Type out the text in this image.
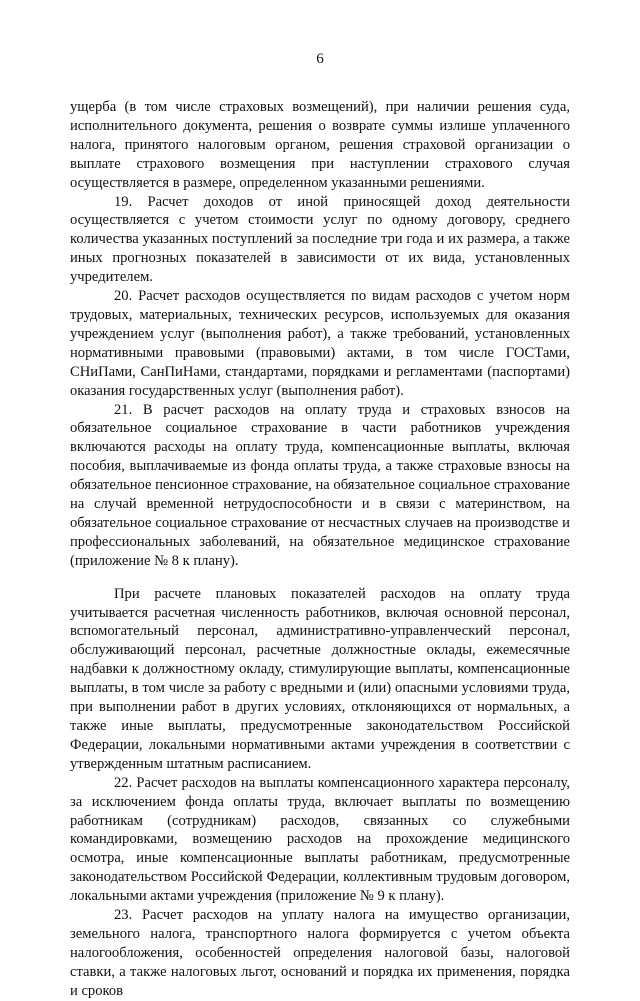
6

ущерба (в том числе страховых возмещений), при наличии решения суда, исполнительного документа, решения о возврате суммы излише уплаченного налога, принятого налоговым органом, решения страховой организации о выплате страхового возмещения при наступлении страхового случая осуществляется в размере, определенном указанными решениями.

19. Расчет доходов от иной приносящей доход деятельности осуществляется с учетом стоимости услуг по одному договору, среднего количества указанных поступлений за последние три года и их размера, а также иных прогнозных показателей в зависимости от их вида, установленных учредителем.

20. Расчет расходов осуществляется по видам расходов с учетом норм трудовых, материальных, технических ресурсов, используемых для оказания учреждением услуг (выполнения работ), а также требований, установленных нормативными правовыми (правовыми) актами, в том числе ГОСТами, СНиПами, СанПиНами, стандартами, порядками и регламентами (паспортами) оказания государственных услуг (выполнения работ).

21. В расчет расходов на оплату труда и страховых взносов на обязательное социальное страхование в части работников учреждения включаются расходы на оплату труда, компенсационные выплаты, включая пособия, выплачиваемые из фонда оплаты труда, а также страховые взносы на обязательное пенсионное страхование, на обязательное социальное страхование на случай временной нетрудоспособности и в связи с материнством, на обязательное социальное страхование от несчастных случаев на производстве и профессиональных заболеваний, на обязательное медицинское страхование (приложение № 8 к плану).

При расчете плановых показателей расходов на оплату труда учитывается расчетная численность работников, включая основной персонал, вспомогательный персонал, административно-управленческий персонал, обслуживающий персонал, расчетные должностные оклады, ежемесячные надбавки к должностному окладу, стимулирующие выплаты, компенсационные выплаты, в том числе за работу с вредными и (или) опасными условиями труда, при выполнении работ в других условиях, отклоняющихся от нормальных, а также иные выплаты, предусмотренные законодательством Российской Федерации, локальными нормативными актами учреждения в соответствии с утвержденным штатным расписанием.

22. Расчет расходов на выплаты компенсационного характера персоналу, за исключением фонда оплаты труда, включает выплаты по возмещению работникам (сотрудникам) расходов, связанных со служебными командировками, возмещению расходов на прохождение медицинского осмотра, иные компенсационные выплаты работникам, предусмотренные законодательством Российской Федерации, коллективным трудовым договором, локальными актами учреждения (приложение № 9 к плану).

23. Расчет расходов на уплату налога на имущество организации, земельного налога, транспортного налога формируется с учетом объекта налогообложения, особенностей определения налоговой базы, налоговой ставки, а также налоговых льгот, оснований и порядка их применения, порядка и сроков
